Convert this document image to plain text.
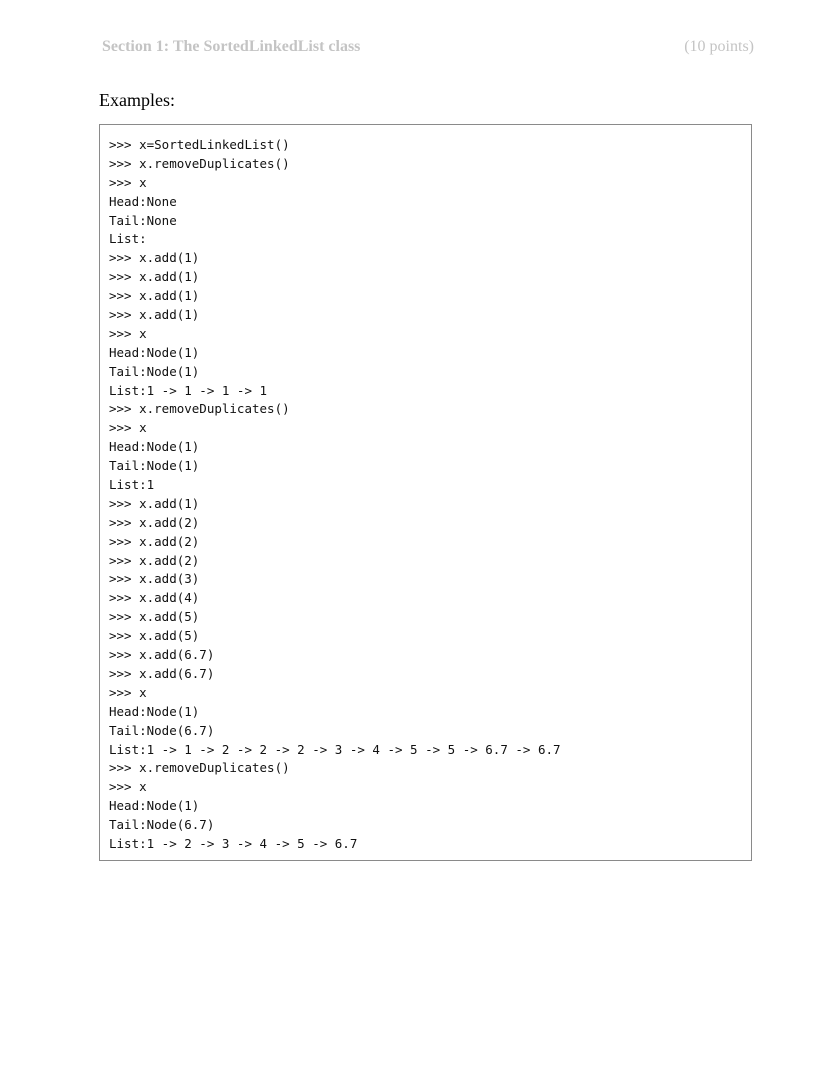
Section 1: The SortedLinkedList class	(10 points)
Examples:
>>> x=SortedLinkedList()
>>> x.removeDuplicates()
>>> x
Head:None
Tail:None
List:
>>> x.add(1)
>>> x.add(1)
>>> x.add(1)
>>> x.add(1)
>>> x
Head:Node(1)
Tail:Node(1)
List:1 -> 1 -> 1 -> 1
>>> x.removeDuplicates()
>>> x
Head:Node(1)
Tail:Node(1)
List:1
>>> x.add(1)
>>> x.add(2)
>>> x.add(2)
>>> x.add(2)
>>> x.add(3)
>>> x.add(4)
>>> x.add(5)
>>> x.add(5)
>>> x.add(6.7)
>>> x.add(6.7)
>>> x
Head:Node(1)
Tail:Node(6.7)
List:1 -> 1 -> 2 -> 2 -> 2 -> 3 -> 4 -> 5 -> 5 -> 6.7 -> 6.7
>>> x.removeDuplicates()
>>> x
Head:Node(1)
Tail:Node(6.7)
List:1 -> 2 -> 3 -> 4 -> 5 -> 6.7
